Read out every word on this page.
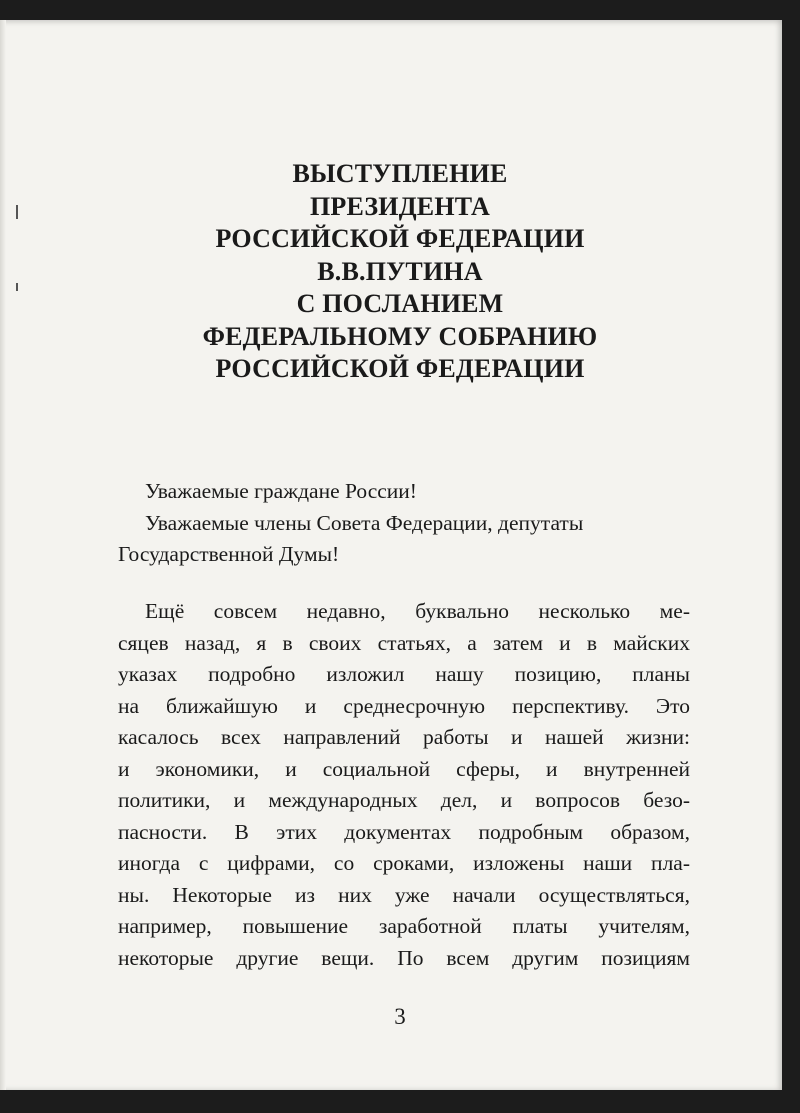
ВЫСТУПЛЕНИЕ
ПРЕЗИДЕНТА
РОССИЙСКОЙ ФЕДЕРАЦИИ
В.В.ПУТИНА
С ПОСЛАНИЕМ
ФЕДЕРАЛЬНОМУ СОБРАНИЮ
РОССИЙСКОЙ ФЕДЕРАЦИИ

Уважаемые граждане России!

Уважаемые члены Совета Федерации, депутаты Государственной Думы!

Ещё совсем недавно, буквально несколько ме-
сяцев назад, я в своих статьях, а затем и в майских
указах подробно изложил нашу позицию, планы
на ближайшую и среднесрочную перспективу. Это
касалось всех направлений работы и нашей жизни:
и экономики, и социальной сферы, и внутренней
политики, и международных дел, и вопросов безо-
пасности. В этих документах подробным образом,
иногда с цифрами, со сроками, изложены наши пла-
ны. Некоторые из них уже начали осуществляться,
например, повышение заработной платы учителям,
некоторые другие вещи. По всем другим позициям
3
